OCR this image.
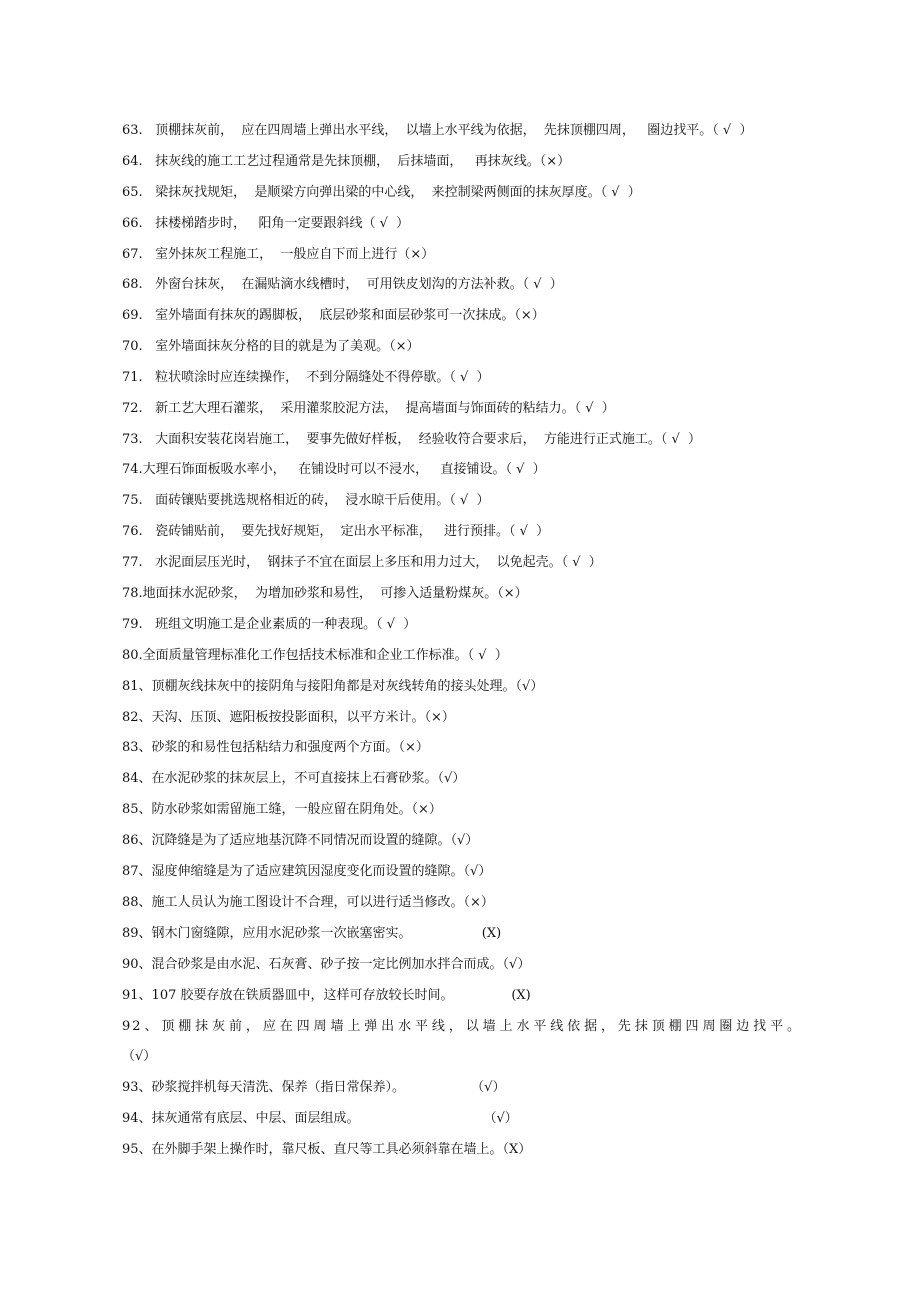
63.   顶棚抹灰前，  应在四周墙上弹出水平线，  以墙上水平线为依据，  先抹顶棚四周，   圈边找平。（ √  ）
64.   抹灰线的施工工艺过程通常是先抹顶棚，  后抹墙面，   再抹灰线。（×）
65.   梁抹灰找规矩，  是顺梁方向弹出梁的中心线，  来控制梁两侧面的抹灰厚度。（ √  ）
66.   抹楼梯踏步时，   阳角一定要跟斜线（ √  ）
67.   室外抹灰工程施工，  一般应自下而上进行（×）
68.   外窗台抹灰，  在漏贴滴水线槽时，  可用铁皮划沟的方法补救。（ √  ）
69.   室外墙面有抹灰的踢脚板，  底层砂浆和面层砂浆可一次抹成。（×）
70.   室外墙面抹灰分格的目的就是为了美观。（×）
71.   粒状喷涂时应连续操作，  不到分隔缝处不得停歇。（ √  ）
72.   新工艺大理石灌浆，  采用灌浆胶泥方法，  提高墙面与饰面砖的粘结力。（ √  ）
73.   大面积安装花岗岩施工，  要事先做好样板，  经验收符合要求后，  方能进行正式施工。（ √  ）
74.大理石饰面板吸水率小，   在铺设时可以不浸水，   直接铺设。（ √  ）
75.   面砖镶贴要挑选规格相近的砖，  浸水晾干后使用。（ √  ）
76.   瓷砖铺贴前，  要先找好规矩，  定出水平标准，   进行预排。（ √  ）
77.   水泥面层压光时，  钢抹子不宜在面层上多压和用力过大，  以免起壳。（ √  ）
78.地面抹水泥砂浆，  为增加砂浆和易性，  可掺入适量粉煤灰。（×）
79.   班组文明施工是企业素质的一种表现。（ √  ）
80.全面质量管理标准化工作包括技术标准和企业工作标准。（ √  ）
81、顶棚灰线抹灰中的接阴角与接阳角都是对灰线转角的接头处理。（√）
82、天沟、压顶、遮阳板按投影面积，以平方米计。（×）
83、砂浆的和易性包括粘结力和强度两个方面。（×）
84、在水泥砂浆的抹灰层上，不可直接抹上石膏砂浆。（√）
85、防水砂浆如需留施工缝，一般应留在阴角处。（×）
86、沉降缝是为了适应地基沉降不同情况而设置的缝隙。（√）
87、湿度伸缩缝是为了适应建筑因湿度变化而设置的缝隙。（√）
88、施工人员认为施工图设计不合理，可以进行适当修改。（×）
89、钢木门窗缝隙，应用水泥砂浆一次嵌塞密实。                 (X)
90、混合砂浆是由水泥、石灰膏、砂子按一定比例加水拌合而成。（√）
91、107 胶要存放在铁质器皿中，这样可存放较长时间。              (X)
92、顶棚抹灰前，应在四周墙上弹出水平线，以墙上水平线依据，先抹顶棚四周圈边找平。
（√）
93、砂浆搅拌机每天清洗、保养（指日常保养）。                （√）
94、抹灰通常有底层、中层、面层组成。                              （√）
95、在外脚手架上操作时，靠尺板、直尺等工具必须斜靠在墙上。（X）
